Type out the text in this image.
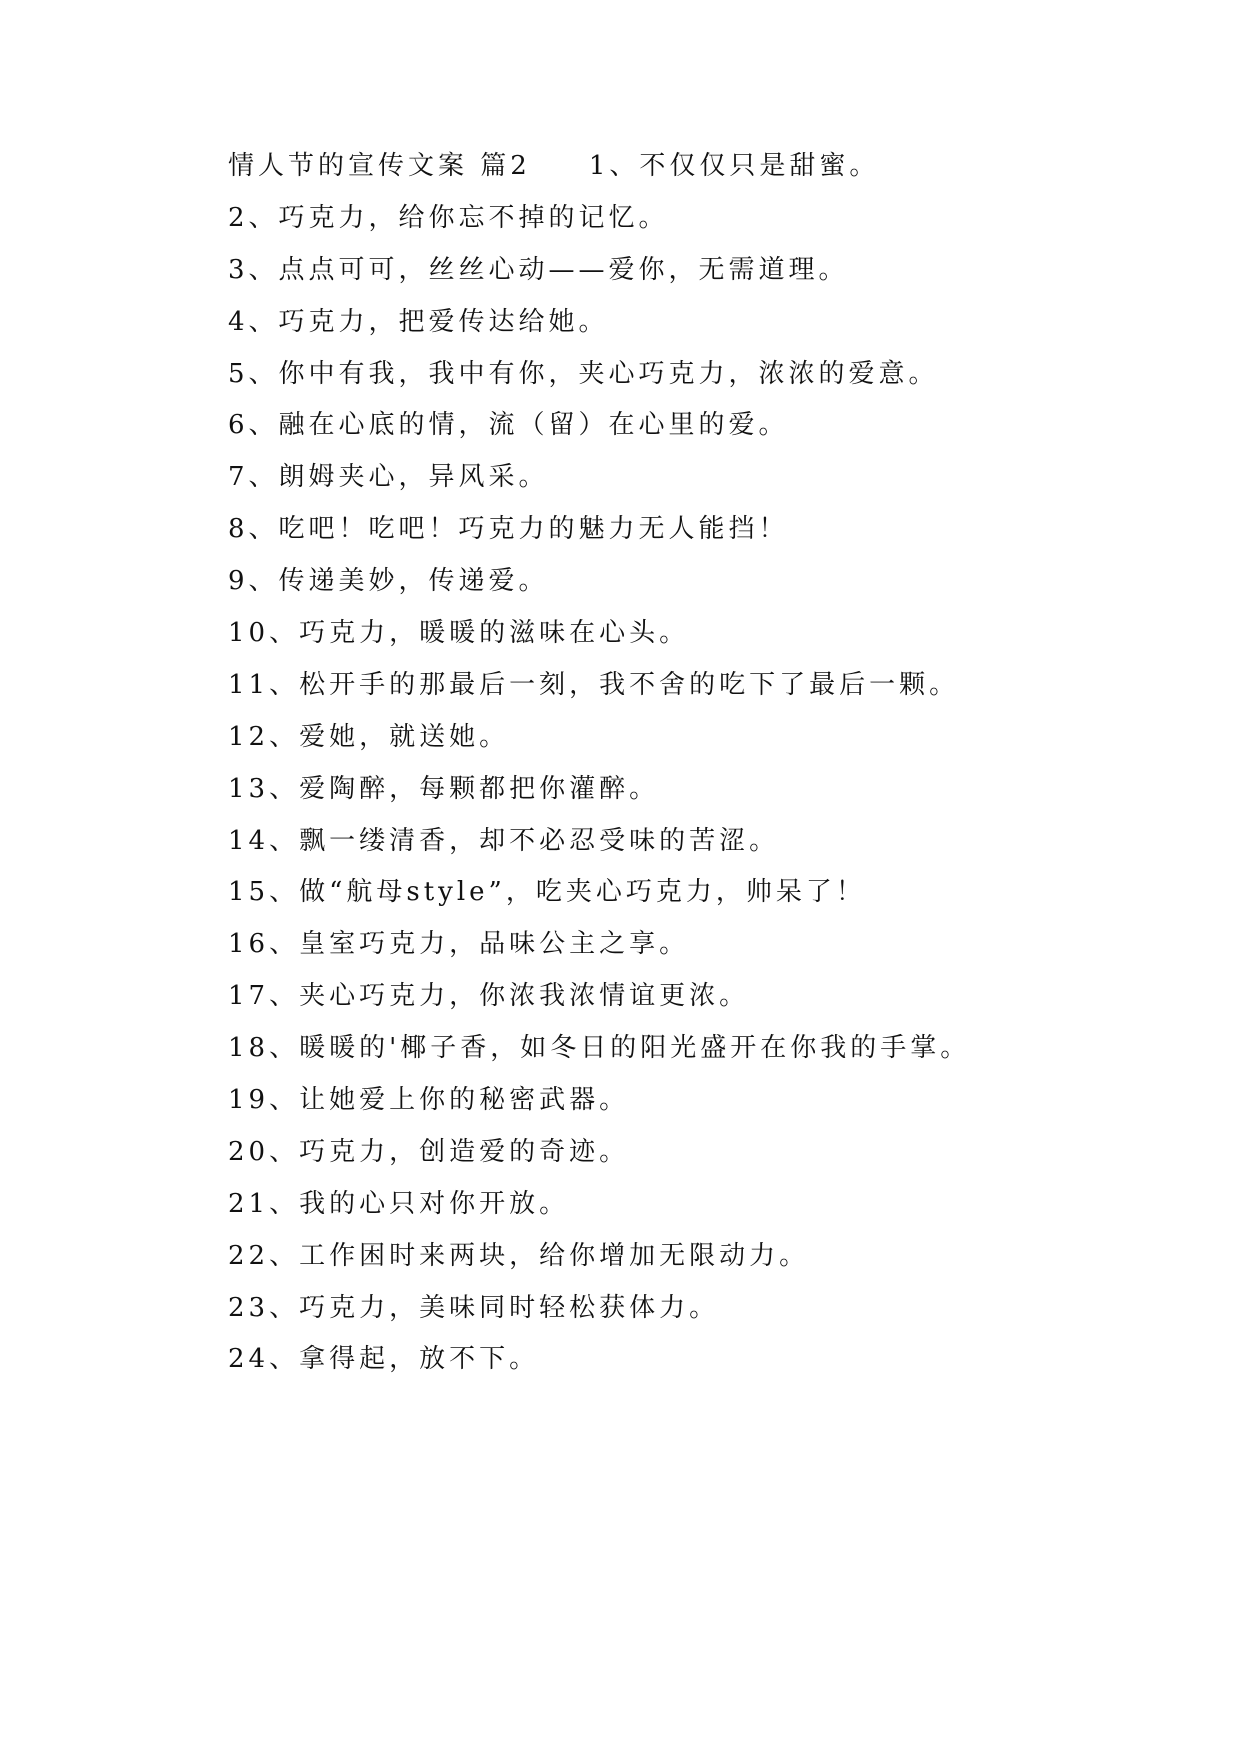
情人节的宣传文案 篇2 1、不仅仅只是甜蜜。
2、巧克力，给你忘不掉的记忆。
3、点点可可，丝丝心动——爱你，无需道理。
4、巧克力，把爱传达给她。
5、你中有我，我中有你，夹心巧克力，浓浓的爱意。
6、融在心底的情，流（留）在心里的爱。
7、朗姆夹心，异风采。
8、吃吧！吃吧！巧克力的魅力无人能挡！
9、传递美妙，传递爱。
10、巧克力，暖暖的滋味在心头。
11、松开手的那最后一刻，我不舍的吃下了最后一颗。
12、爱她，就送她。
13、爱陶醉，每颗都把你灌醉。
14、飘一缕清香，却不必忍受味的苦涩。
15、做“航母style”，吃夹心巧克力，帅呆了！
16、皇室巧克力，品味公主之享。
17、夹心巧克力，你浓我浓情谊更浓。
18、暖暖的'椰子香，如冬日的阳光盛开在你我的手掌。
19、让她爱上你的秘密武器。
20、巧克力，创造爱的奇迹。
21、我的心只对你开放。
22、工作困时来两块，给你增加无限动力。
23、巧克力，美味同时轻松获体力。
24、拿得起，放不下。
